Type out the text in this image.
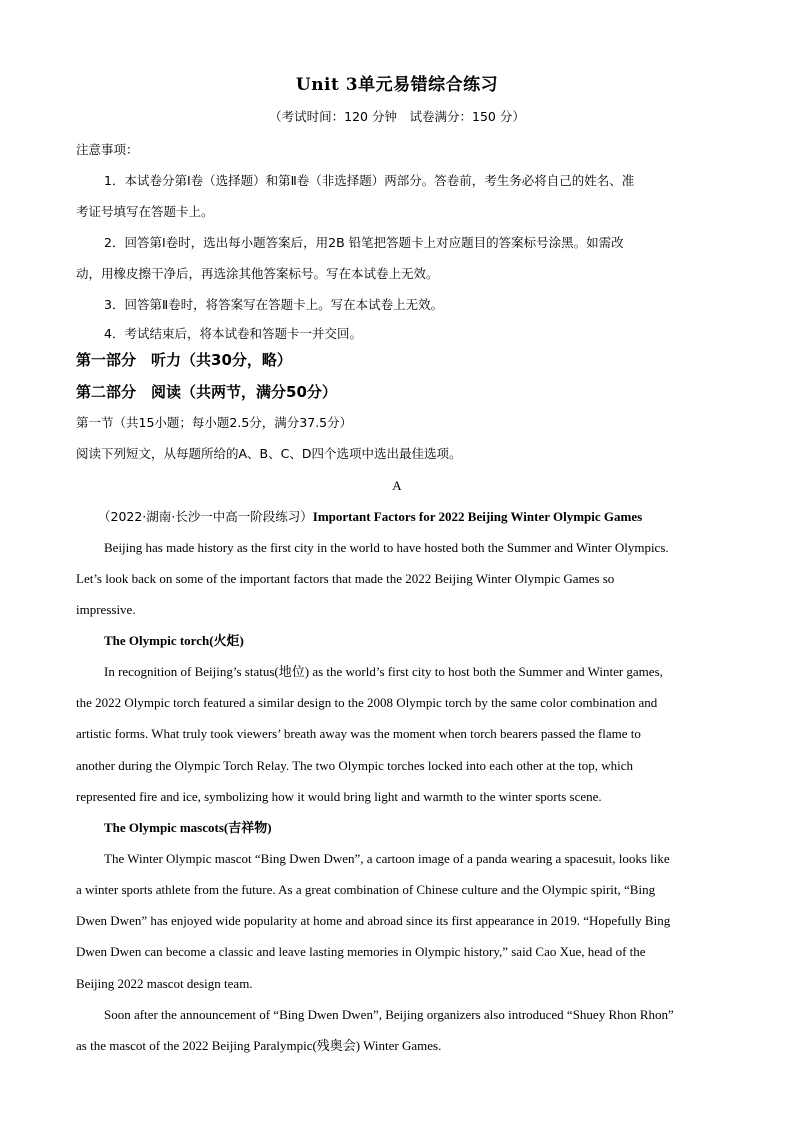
Unit 3单元易错综合练习
（考试时间：120 分钟　试卷满分：150 分）
注意事项：
1．本试卷分第Ⅰ卷（选择题）和第Ⅱ卷（非选择题）两部分。答卷前，考生务必将自己的姓名、准
考证号填写在答题卡上。
2．回答第Ⅰ卷时，选出每小题答案后，用2B 铅笔把答题卡上对应题目的答案标号涂黑。如需改
动，用橡皮擦干净后，再选涂其他答案标号。写在本试卷上无效。
3．回答第Ⅱ卷时，将答案写在答题卡上。写在本试卷上无效。
4．考试结束后，将本试卷和答题卡一并交回。
第一部分　听力（共30分，略）
第二部分　阅读（共两节，满分50分）
第一节（共15小题；每小题2.5分，满分37.5分）
阅读下列短文，从每题所给的A、B、C、D四个选项中选出最佳选项。
A
（2022·湖南·长沙一中高一阶段练习）Important Factors for 2022 Beijing Winter Olympic Games
Beijing has made history as the first city in the world to have hosted both the Summer and Winter Olympics.
Let’s look back on some of the important factors that made the 2022 Beijing Winter Olympic Games so
impressive.
The Olympic torch(火炬)
In recognition of Beijing’s status(地位) as the world’s first city to host both the Summer and Winter games,
the 2022 Olympic torch featured a similar design to the 2008 Olympic torch by the same color combination and
artistic forms. What truly took viewers’ breath away was the moment when torch bearers passed the flame to
another during the Olympic Torch Relay. The two Olympic torches locked into each other at the top, which
represented fire and ice, symbolizing how it would bring light and warmth to the winter sports scene.
The Olympic mascots(吉祥物)
The Winter Olympic mascot “Bing Dwen Dwen”, a cartoon image of a panda wearing a spacesuit, looks like
a winter sports athlete from the future. As a great combination of Chinese culture and the Olympic spirit, “Bing
Dwen Dwen” has enjoyed wide popularity at home and abroad since its first appearance in 2019. “Hopefully Bing
Dwen Dwen can become a classic and leave lasting memories in Olympic history,” said Cao Xue, head of the
Beijing 2022 mascot design team.
Soon after the announcement of “Bing Dwen Dwen”, Beijing organizers also introduced “Shuey Rhon Rhon”
as the mascot of the 2022 Beijing Paralympic(残奥会) Winter Games.
